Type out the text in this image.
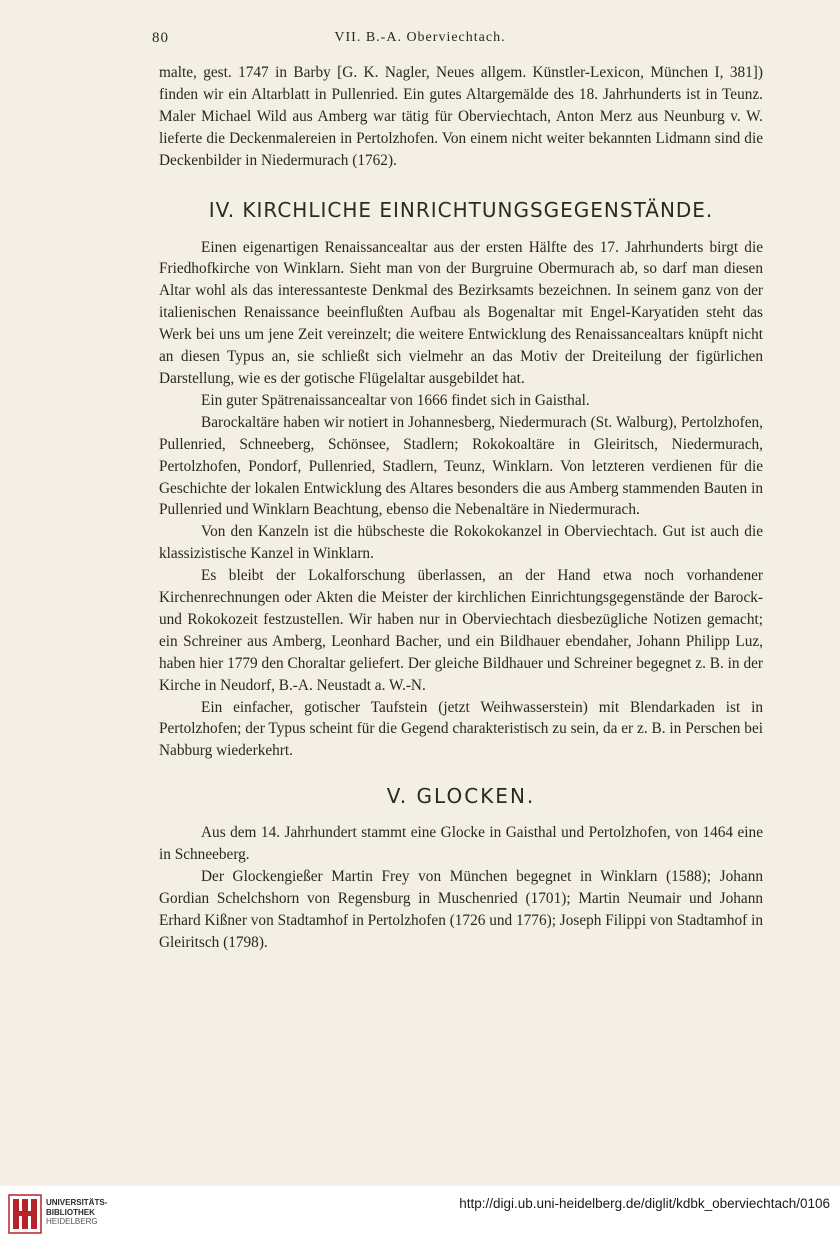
80	VII. B.-A. Oberviechtach.

malte, gest. 1747 in Barby [G. K. Nagler, Neues allgem. Künstler-Lexicon, München I, 381]) finden wir ein Altarblatt in Pullenried. Ein gutes Altargemälde des 18. Jahrhunderts ist in Teunz. Maler Michael Wild aus Amberg war tätig für Oberviechtach, Anton Merz aus Neunburg v. W. lieferte die Deckenmalereien in Pertolzhofen. Von einem nicht weiter bekannten Lidmann sind die Deckenbilder in Niedermurach (1762).

IV. KIRCHLICHE EINRICHTUNGSGEGENSTÄNDE.

Einen eigenartigen Renaissancealtar aus der ersten Hälfte des 17. Jahrhunderts birgt die Friedhofkirche von Winklarn. Sieht man von der Burgruine Obermurach ab, so darf man diesen Altar wohl als das interessanteste Denkmal des Bezirksamts bezeichnen. In seinem ganz von der italienischen Renaissance beeinflußten Aufbau als Bogenaltar mit Engel-Karyatiden steht das Werk bei uns um jene Zeit vereinzelt; die weitere Entwicklung des Renaissancealtars knüpft nicht an diesen Typus an, sie schließt sich vielmehr an das Motiv der Dreiteilung der figürlichen Darstellung, wie es der gotische Flügelaltar ausgebildet hat.

Ein guter Spätrenaissancealtar von 1666 findet sich in Gaisthal.

Barockaltäre haben wir notiert in Johannesberg, Niedermurach (St. Walburg), Pertolzhofen, Pullenried, Schneeberg, Schönsee, Stadlern; Rokokoaltäre in Gleiritsch, Niedermurach, Pertolzhofen, Pondorf, Pullenried, Stadlern, Teunz, Winklarn. Von letzteren verdienen für die Geschichte der lokalen Entwicklung des Altares besonders die aus Amberg stammenden Bauten in Pullenried und Winklarn Beachtung, ebenso die Nebenaltäre in Niedermurach.

Von den Kanzeln ist die hübscheste die Rokokokanzel in Oberviechtach. Gut ist auch die klassizistische Kanzel in Winklarn.

Es bleibt der Lokalforschung überlassen, an der Hand etwa noch vorhandener Kirchenrechnungen oder Akten die Meister der kirchlichen Einrichtungsgegenstände der Barock- und Rokokozeit festzustellen. Wir haben nur in Oberviechtach diesbezügliche Notizen gemacht; ein Schreiner aus Amberg, Leonhard Bacher, und ein Bildhauer ebendaher, Johann Philipp Luz, haben hier 1779 den Choraltar geliefert. Der gleiche Bildhauer und Schreiner begegnet z. B. in der Kirche in Neudorf, B.-A. Neustadt a. W.-N.

Ein einfacher, gotischer Taufstein (jetzt Weihwasserstein) mit Blendarkaden ist in Pertolzhofen; der Typus scheint für die Gegend charakteristisch zu sein, da er z. B. in Perschen bei Nabburg wiederkehrt.

V. GLOCKEN.

Aus dem 14. Jahrhundert stammt eine Glocke in Gaisthal und Pertolzhofen, von 1464 eine in Schneeberg.

Der Glockengießer Martin Frey von München begegnet in Winklarn (1588); Johann Gordian Schelchshorn von Regensburg in Muschenried (1701); Martin Neumair und Johann Erhard Kißner von Stadtamhof in Pertolzhofen (1726 und 1776); Joseph Filippi von Stadtamhof in Gleiritsch (1798).

UNIVERSITÄTS-
BIBLIOTHEK
HEIDELBERG
http://digi.ub.uni-heidelberg.de/diglit/kdbk_oberviechtach/0106
